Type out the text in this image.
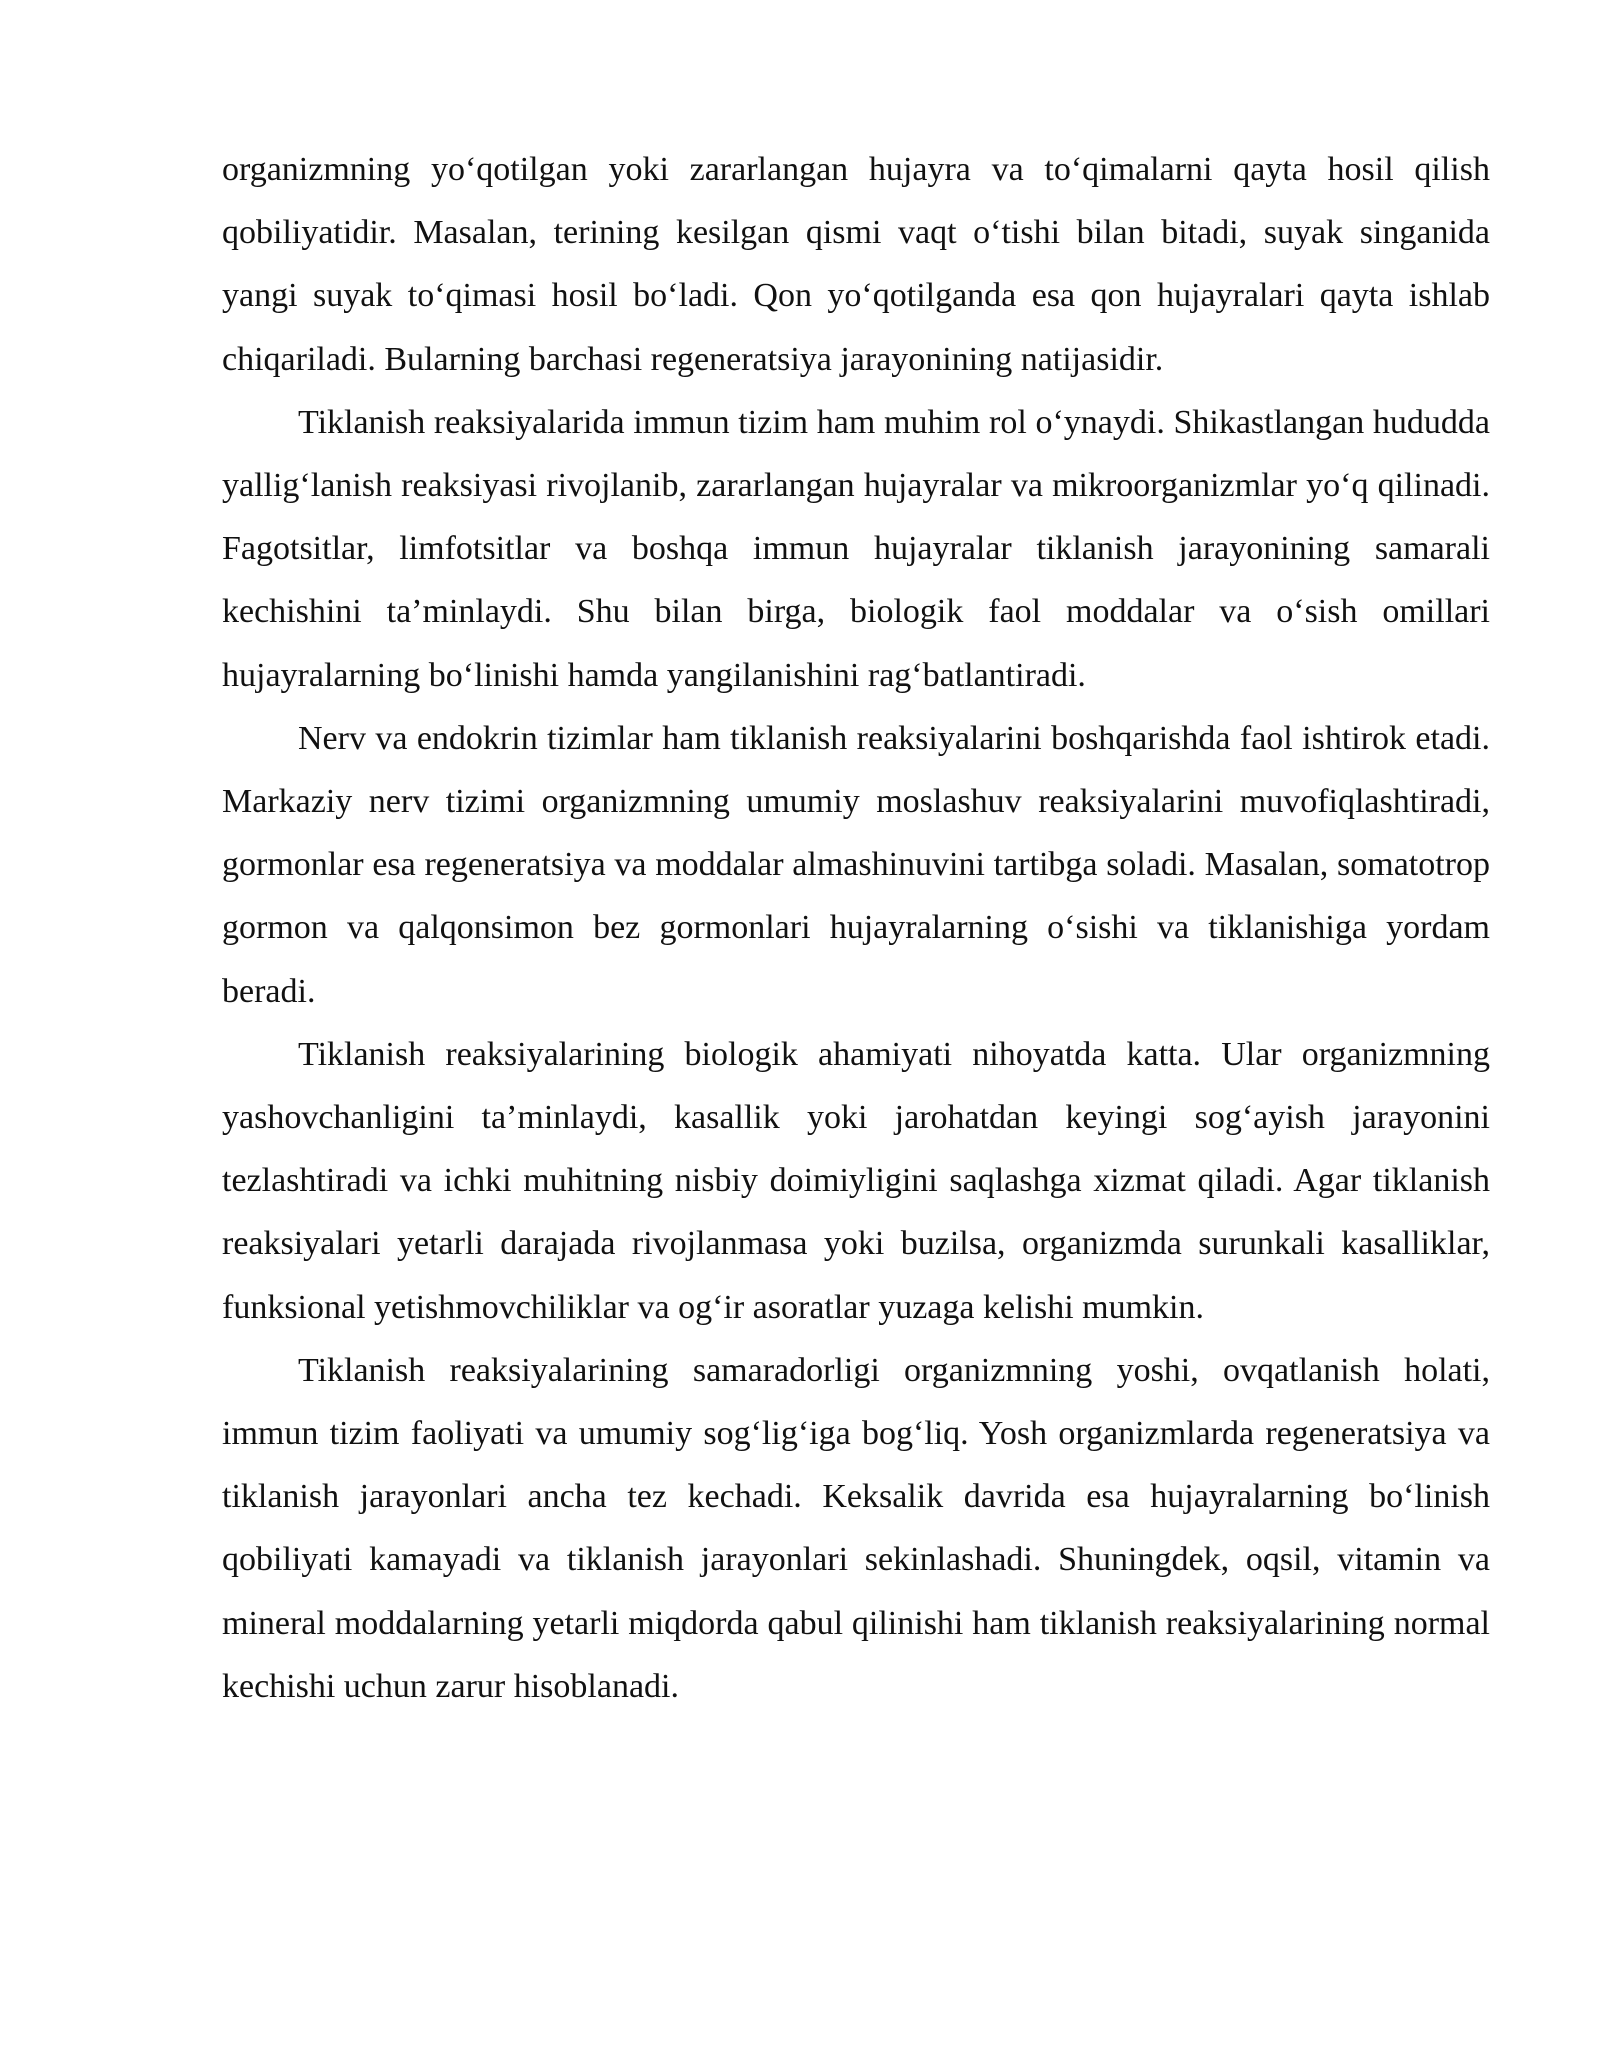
organizmning yo‘qotilgan yoki zararlangan hujayra va to‘qimalarni qayta hosil qilish qobiliyatidir. Masalan, terining kesilgan qismi vaqt o‘tishi bilan bitadi, suyak singanida yangi suyak to‘qimasi hosil bo‘ladi. Qon yo‘qotilganda esa qon hujayralari qayta ishlab chiqariladi. Bularning barchasi regeneratsiya jarayonining natijasidir.

Tiklanish reaksiyalarida immun tizim ham muhim rol o‘ynaydi. Shikastlangan hududda yallig‘lanish reaksiyasi rivojlanib, zararlangan hujayralar va mikroorganizmlar yo‘q qilinadi. Fagotsitlar, limfotsitlar va boshqa immun hujayralar tiklanish jarayonining samarali kechishini ta’minlaydi. Shu bilan birga, biologik faol moddalar va o‘sish omillari hujayralarning bo‘linishi hamda yangilanishini rag‘batlantiradi.

Nerv va endokrin tizimlar ham tiklanish reaksiyalarini boshqarishda faol ishtirok etadi. Markaziy nerv tizimi organizmning umumiy moslashuv reaksiyalarini muvofiqlashtiradi, gormonlar esa regeneratsiya va moddalar almashinuvini tartibga soladi. Masalan, somatotrop gormon va qalqonsimon bez gormonlari hujayralarning o‘sishi va tiklanishiga yordam beradi.

Tiklanish reaksiyalarining biologik ahamiyati nihoyatda katta. Ular organizmning yashovchanligini ta’minlaydi, kasallik yoki jarohatdan keyingi sog‘ayish jarayonini tezlashtiradi va ichki muhitning nisbiy doimiyligini saqlashga xizmat qiladi. Agar tiklanish reaksiyalari yetarli darajada rivojlanmasa yoki buzilsa, organizmda surunkali kasalliklar, funksional yetishmovchiliklar va og‘ir asoratlar yuzaga kelishi mumkin.

Tiklanish reaksiyalarining samaradorligi organizmning yoshi, ovqatlanish holati, immun tizim faoliyati va umumiy sog‘lig‘iga bog‘liq. Yosh organizmlarda regeneratsiya va tiklanish jarayonlari ancha tez kechadi. Keksalik davrida esa hujayralarning bo‘linish qobiliyati kamayadi va tiklanish jarayonlari sekinlashadi. Shuningdek, oqsil, vitamin va mineral moddalarning yetarli miqdorda qabul qilinishi ham tiklanish reaksiyalarining normal kechishi uchun zarur hisoblanadi.
